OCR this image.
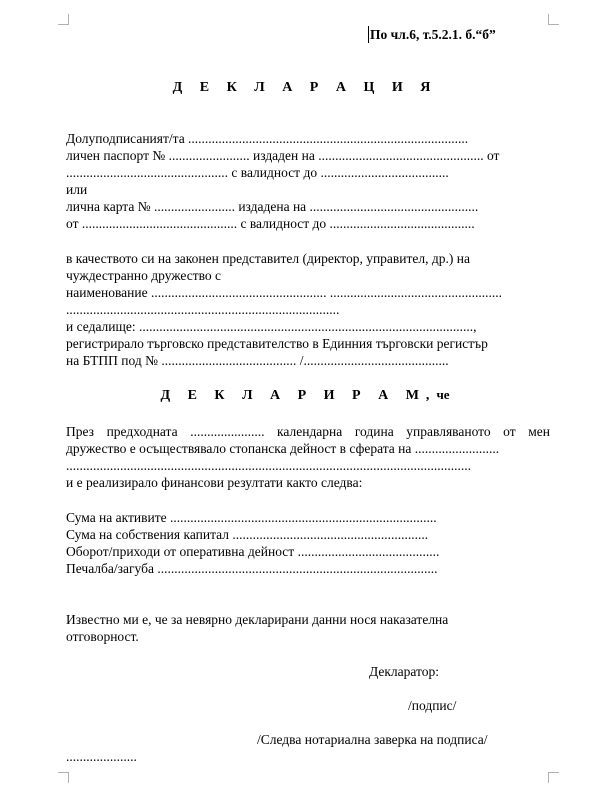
По чл.6, т.5.2.1. б.“б”
Д Е К Л А Р А Ц И Я
Долуподписаният/та ...................................................................................
личен паспорт № ........................ издаден на ................................................. от
................................................ с валидност до ......................................
или
лична карта № ........................ издадена на ..................................................
от .............................................. с валидност до ...........................................
в качеството си на законен представител (директор, управител, др.) на
чуждестранно дружество с
наименование .................................................... ...................................................
.................................................................................
и седалище: ...................................................................................................,
регистрирало търговско представителство в Единния търговски регистър
на БТПП под № ........................................ /...........................................
Д Е К Л А Р И Р А М,че
През предходната ...................... календарна година управляваното от мен
дружество е осъществявало стопанска дейност в сферата на .........................
........................................................................................................................
и е реализирало финансови резултати както следва:
Сума на активите ...............................................................................
Сума на собствения капитал ..........................................................
Оборот/приходи от оперативна дейност ..........................................
Печалба/загуба ...................................................................................
Известно ми е, че за невярно декларирани данни нося наказателна
отговорност.
Декларатор:
/подпис/
/Следва нотариална заверка на подписа/
.....................
